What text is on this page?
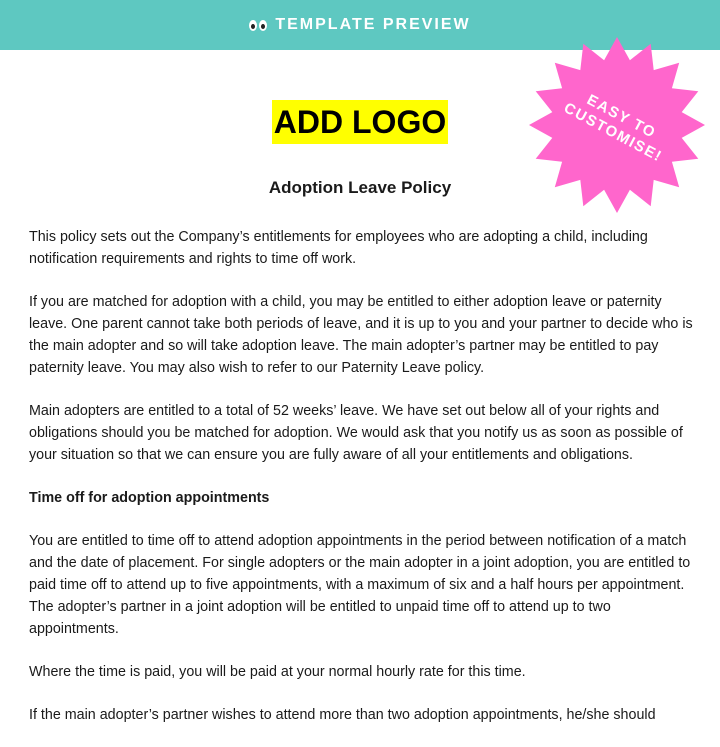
TEMPLATE PREVIEW
ADD LOGO	EASY TO
CUSTOMISE!
Adoption Leave Policy

This policy sets out the Company’s entitlements for employees who are adopting a child, including notification requirements and rights to time off work.

If you are matched for adoption with a child, you may be entitled to either adoption leave or paternity leave. One parent cannot take both periods of leave, and it is up to you and your partner to decide who is the main adopter and so will take adoption leave. The main adopter’s partner may be entitled to pay paternity leave. You may also wish to refer to our Paternity Leave policy.

Main adopters are entitled to a total of 52 weeks’ leave. We have set out below all of your rights and obligations should you be matched for adoption. We would ask that you notify us as soon as possible of your situation so that we can ensure you are fully aware of all your entitlements and obligations.

Time off for adoption appointments

You are entitled to time off to attend adoption appointments in the period between notification of a match and the date of placement. For single adopters or the main adopter in a joint adoption, you are entitled to paid time off to attend up to five appointments, with a maximum of six and a half hours per appointment. The adopter’s partner in a joint adoption will be entitled to unpaid time off to attend up to two appointments.

Where the time is paid, you will be paid at your normal hourly rate for this time.

If the main adopter’s partner wishes to attend more than two adoption appointments, he/she should
